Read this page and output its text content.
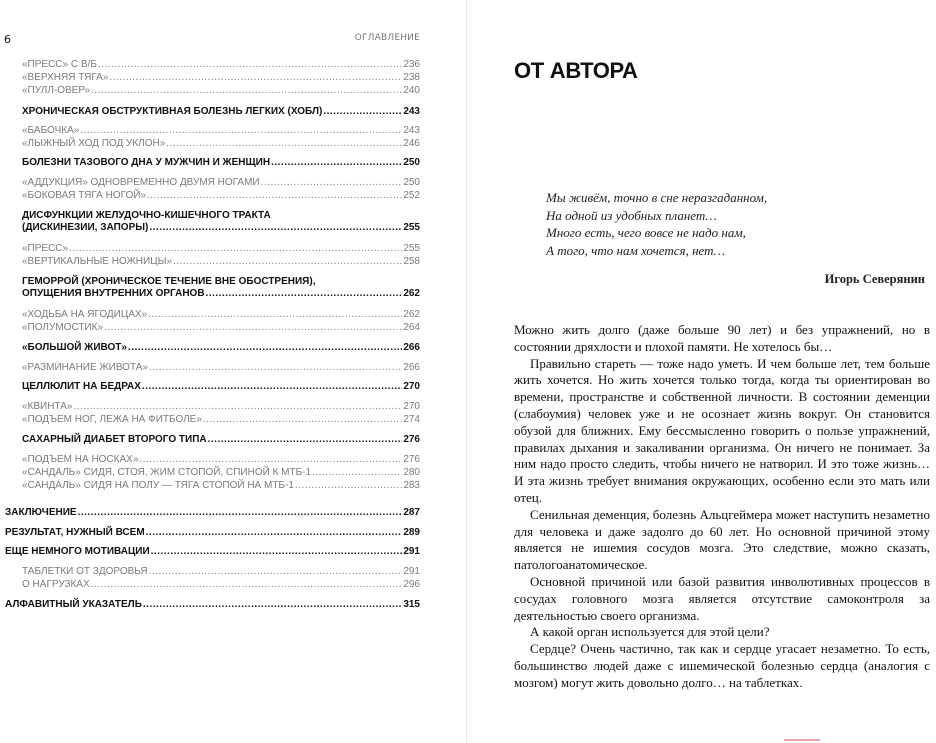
6	ОГЛАВЛЕНИЕ
«ПРЕСС» С В/Б .....	236
«ВЕРХНЯЯ ТЯГА» .....	238
«ПУЛЛ-ОВЕР» .....	240
ХРОНИЧЕСКАЯ ОБСТРУКТИВНАЯ БОЛЕЗНЬ ЛЕГКИХ (ХОБЛ) .....	243
«БАБОЧКА» .....	243
«ЛЫЖНЫЙ ХОД ПОД УКЛОН» .....	246
БОЛЕЗНИ ТАЗОВОГО ДНА У МУЖЧИН И ЖЕНЩИН .....	250
«АДДУКЦИЯ» ОДНОВРЕМЕННО ДВУМЯ НОГАМИ .....	250
«БОКОВАЯ ТЯГА НОГОЙ» .....	252
ДИСФУНКЦИИ ЖЕЛУДОЧНО-КИШЕЧНОГО ТРАКТА
(ДИСКИНЕЗИИ, ЗАПОРЫ) .....	255
«ПРЕСС» .....	255
«ВЕРТИКАЛЬНЫЕ НОЖНИЦЫ» .....	258
ГЕМОРРОЙ (ХРОНИЧЕСКОЕ ТЕЧЕНИЕ ВНЕ ОБОСТРЕНИЯ),
ОПУЩЕНИЯ ВНУТРЕННИХ ОРГАНОВ .....	262
«ХОДЬБА НА ЯГОДИЦАХ» .....	262
«ПОЛУМОСТИК» .....	264
«БОЛЬШОЙ ЖИВОТ» .....	266
«РАЗМИНАНИЕ ЖИВОТА» .....	266
ЦЕЛЛЮЛИТ НА БЕДРАХ .....	270
«КВИНТА» .....	270
«ПОДЪЕМ НОГ, ЛЕЖА НА ФИТБОЛЕ» .....	274
САХАРНЫЙ ДИАБЕТ ВТОРОГО ТИПА .....	276
«ПОДЪЕМ НА НОСКАХ» .....	276
«САНДАЛЬ» СИДЯ, СТОЯ, ЖИМ СТОПОЙ, СПИНОЙ К МТБ-1 .....	280
«САНДАЛЬ» СИДЯ НА ПОЛУ — ТЯГА СТОПОЙ НА МТБ-1 .....	283
ЗАКЛЮЧЕНИЕ .....	287
РЕЗУЛЬТАТ, НУЖНЫЙ ВСЕМ .....	289
ЕЩЕ НЕМНОГО МОТИВАЦИИ .....	291
ТАБЛЕТКИ ОТ ЗДОРОВЬЯ .....	291
О НАГРУЗКАХ .....	296
АЛФАВИТНЫЙ УКАЗАТЕЛЬ .....	315
ОТ АВТОРА
Мы живём, точно в сне неразгаданном,
На одной из удобных планет…
Много есть, чего вовсе не надо нам,
А того, что нам хочется, нет…
Игорь Северянин

Можно жить долго (даже больше 90 лет) и без упражнений, но в состоянии дряхлости и плохой памяти. Не хотелось бы…

Правильно стареть — тоже надо уметь. И чем больше лет, тем больше жить хочется. Но жить хочется только тогда, когда ты ориентирован во времени, пространстве и собственной личности. В состоянии деменции (слабоумия) человек уже и не осознает жизнь вокруг. Он становится обузой для ближних. Ему бессмысленно говорить о пользе упражнений, правилах дыхания и закаливании организма. Он ничего не понимает. За ним надо просто следить, чтобы ничего не натворил. И это тоже жизнь… И эта жизнь требует внимания окружающих, особенно если это мать или отец.

Сенильная деменция, болезнь Альцгеймера может наступить незаметно для человека и даже задолго до 60 лет. Но основной причиной этому является не ишемия сосудов мозга. Это следствие, можно сказать, патологоанатомическое.

Основной причиной или базой развития инволютивных процессов в сосудах головного мозга является отсутствие самоконтроля за деятельностью своего организма.

А какой орган используется для этой цели?

Сердце? Очень частично, так как и сердце угасает незаметно. То есть, большинство людей даже с ишемической болезнью сердца (аналогия с мозгом) могут жить довольно долго… на таблетках.
